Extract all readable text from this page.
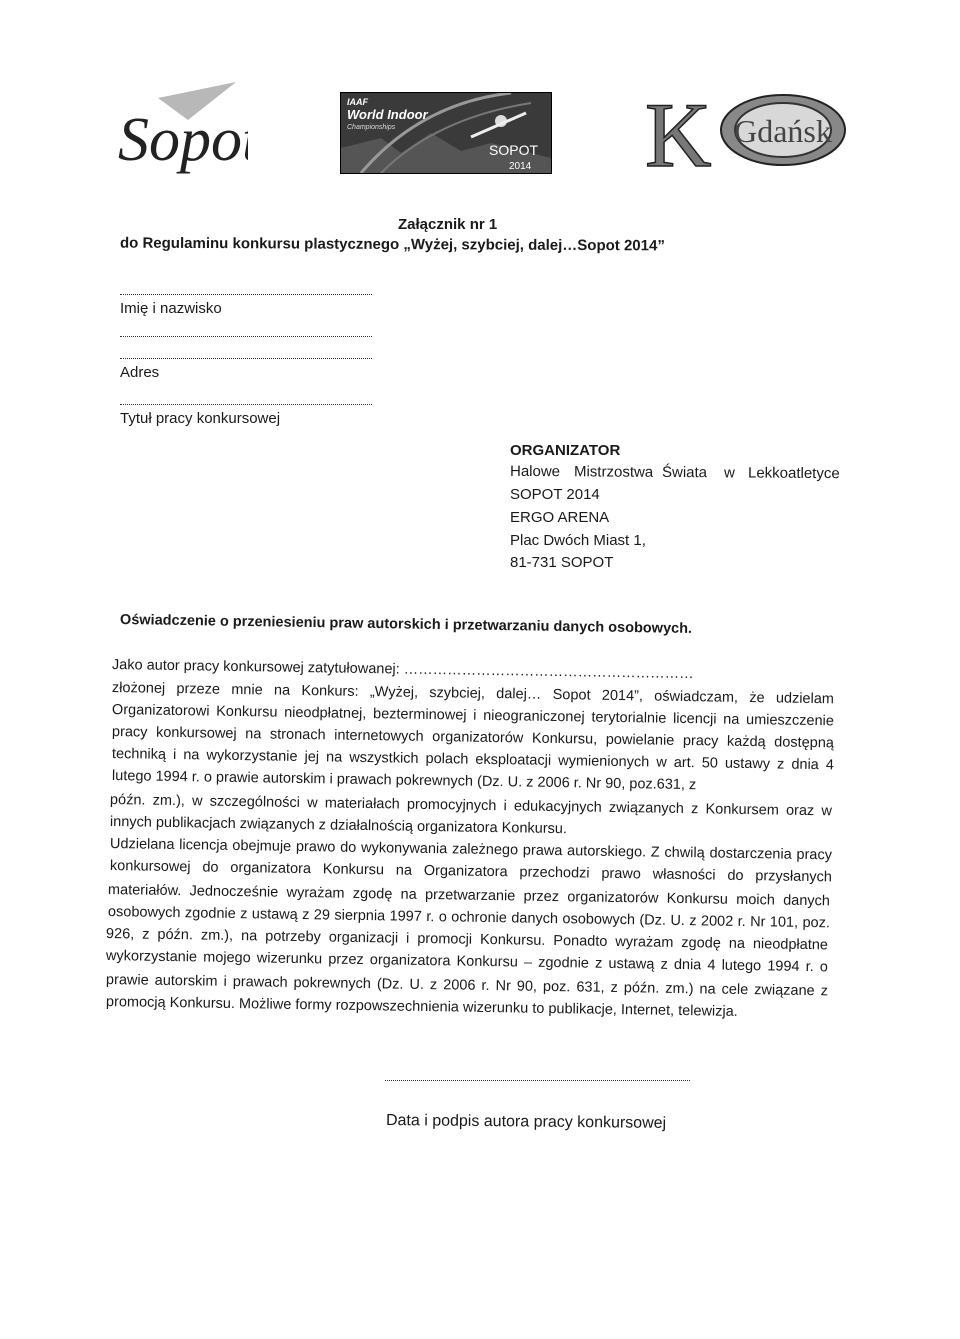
Sopot
IAAF
World Indoor
Championships
SOPOT
2014 K Gdańsk
Załącznik nr 1
do Regulaminu konkursu plastycznego „Wyżej, szybciej, dalej…Sopot 2014”
Imię i nazwisko
Adres
Tytuł pracy konkursowej
ORGANIZATOR
Halowe Mistrzostwa Świata w Lekkoatletyce
SOPOT 2014
ERGO ARENA
Plac Dwóch Miast 1,
81-731 SOPOT
Oświadczenie o przeniesieniu praw autorskich i przetwarzaniu danych osobowych.
Jako autor pracy konkursowej zatytułowanej: ……………………………………………………
złożonej przeze mnie na Konkurs: „Wyżej, szybciej, dalej… Sopot 2014”, oświadczam, że udzielam
Organizatorowi Konkursu nieodpłatnej, bezterminowej i nieograniczonej terytorialnie licencji na umieszczenie
pracy konkursowej na stronach internetowych organizatorów Konkursu, powielanie pracy każdą dostępną
techniką i na wykorzystanie jej na wszystkich polach eksploatacji wymienionych w art. 50 ustawy z dnia 4
lutego 1994 r. o prawie autorskim i prawach pokrewnych (Dz. U. z 2006 r. Nr 90, poz.631, z
późn. zm.), w szczególności w materiałach promocyjnych i edukacyjnych związanych z Konkursem oraz w
innych publikacjach związanych z działalnością organizatora Konkursu.
Udzielana licencja obejmuje prawo do wykonywania zależnego prawa autorskiego. Z chwilą dostarczenia pracy
konkursowej do organizatora Konkursu na Organizatora przechodzi prawo własności do przysłanych
materiałów. Jednocześnie wyrażam zgodę na przetwarzanie przez organizatorów Konkursu moich danych
osobowych zgodnie z ustawą z 29 sierpnia 1997 r. o ochronie danych osobowych (Dz. U. z 2002 r. Nr 101, poz.
926, z późn. zm.), na potrzeby organizacji i promocji Konkursu. Ponadto wyrażam zgodę na nieodpłatne
wykorzystanie mojego wizerunku przez organizatora Konkursu – zgodnie z ustawą z dnia 4 lutego 1994 r. o
prawie autorskim i prawach pokrewnych (Dz. U. z 2006 r. Nr 90, poz. 631, z późn. zm.) na cele związane z
promocją Konkursu. Możliwe formy rozpowszechnienia wizerunku to publikacje, Internet, telewizja.
Data i podpis autora pracy konkursowej
